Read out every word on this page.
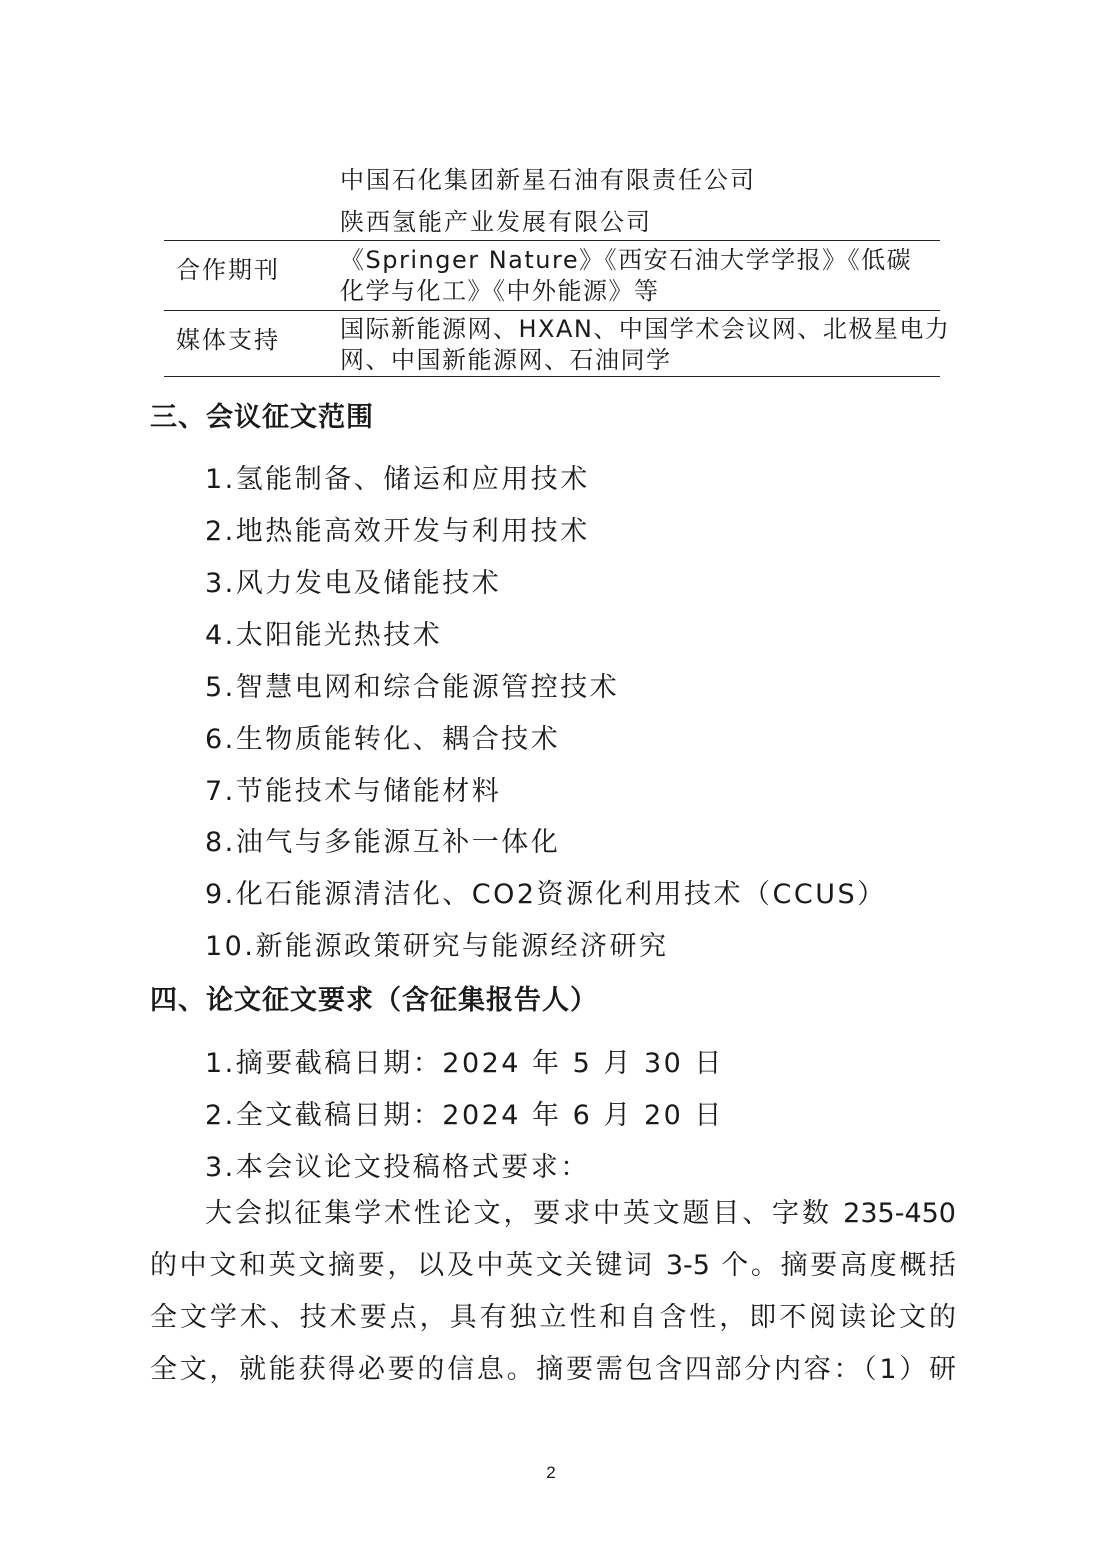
中国石化集团新星石油有限责任公司
陕西氢能产业发展有限公司
合作期刊	《Springer Nature》《西安石油大学学报》《低碳
化学与化工》《中外能源》等
媒体支持	国际新能源网、HXAN、中国学术会议网、北极星电力
网、中国新能源网、石油同学
三、会议征文范围
1.氢能制备、储运和应用技术
2.地热能高效开发与利用技术
3.风力发电及储能技术
4.太阳能光热技术
5.智慧电网和综合能源管控技术
6.生物质能转化、耦合技术
7.节能技术与储能材料
8.油气与多能源互补一体化
9.化石能源清洁化、CO2资源化利用技术（CCUS）
10.新能源政策研究与能源经济研究
四、论文征文要求（含征集报告人）
1.摘要截稿日期：2024 年 5 月 30 日
2.全文截稿日期：2024 年 6 月 20 日
3.本会议论文投稿格式要求：
大会拟征集学术性论文，要求中英文题目、字数 235-450
的中文和英文摘要，以及中英文关键词 3-5 个。摘要高度概括
全文学术、技术要点，具有独立性和自含性，即不阅读论文的
全文，就能获得必要的信息。摘要需包含四部分内容：（1）研
2
